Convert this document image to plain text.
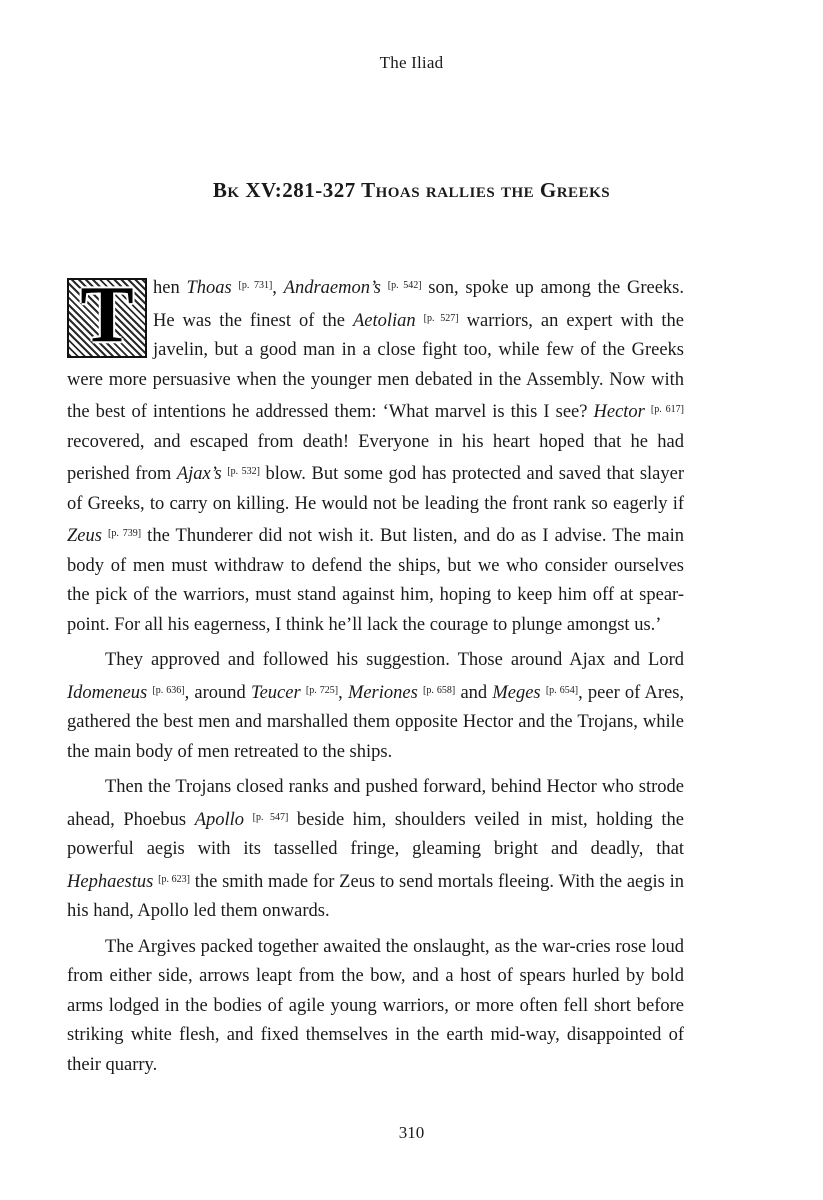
The Iliad
Bk XV:281-327 Thoas rallies the Greeks

T hen Thoas [p. 731], Andraemon’s [p. 542] son, spoke up among the Greeks. He was the finest of the Aetolian [p. 527] warriors, an expert with the javelin, but a good man in a close fight too, while few of the Greeks were more persuasive when the younger men debated in the Assembly. Now with the best of intentions he addressed them: ‘What marvel is this I see? Hector [p. 617] recovered, and escaped from death! Everyone in his heart hoped that he had perished from Ajax’s [p. 532] blow. But some god has protected and saved that slayer of Greeks, to carry on killing. He would not be leading the front rank so eagerly if Zeus [p. 739] the Thunderer did not wish it. But listen, and do as I advise. The main body of men must withdraw to defend the ships, but we who consider ourselves the pick of the warriors, must stand against him, hoping to keep him off at spear-point. For all his eagerness, I think he’ll lack the courage to plunge amongst us.’

They approved and followed his suggestion. Those around Ajax and Lord Idomeneus [p. 636], around Teucer [p. 725], Meriones [p. 658] and Meges [p. 654], peer of Ares, gathered the best men and marshalled them opposite Hector and the Trojans, while the main body of men retreated to the ships.

Then the Trojans closed ranks and pushed forward, behind Hector who strode ahead, Phoebus Apollo [p. 547] beside him, shoulders veiled in mist, holding the powerful aegis with its tasselled fringe, gleaming bright and deadly, that Hephaestus [p. 623] the smith made for Zeus to send mortals fleeing. With the aegis in his hand, Apollo led them onwards.

The Argives packed together awaited the onslaught, as the war-cries rose loud from either side, arrows leapt from the bow, and a host of spears hurled by bold arms lodged in the bodies of agile young warriors, or more often fell short before striking white flesh, and fixed themselves in the earth mid-way, disappointed of their quarry.

310
